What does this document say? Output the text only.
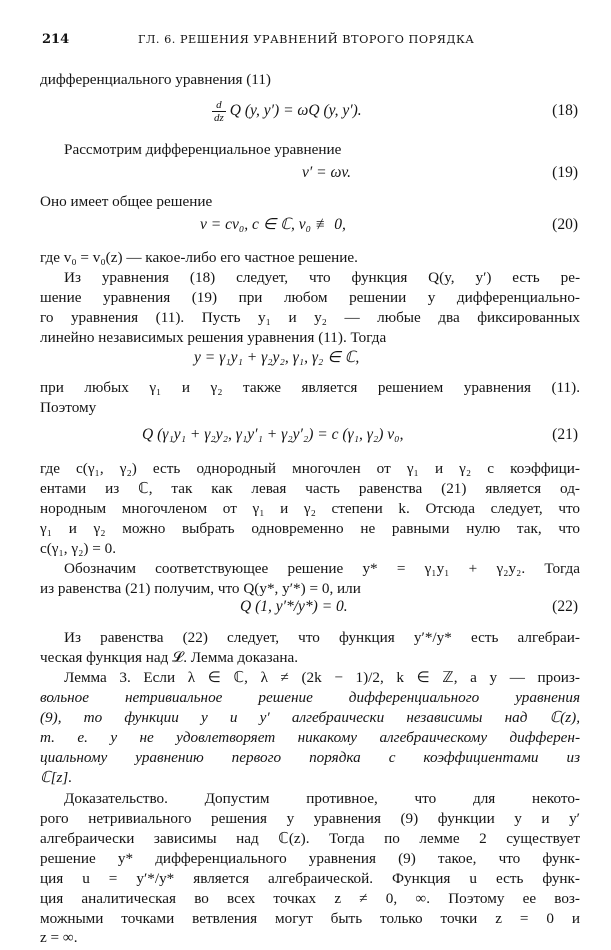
214	ГЛ. 6. РЕШЕНИЯ УРАВНЕНИЙ ВТОРОГО ПОРЯДКА
дифференциального уравнения (11)
$\frac{d}{dz}$ Q (y, y′) = ωQ (y, y′).	(18)
Рассмотрим дифференциальное уравнение
v′ = ωv.	(19)
Оно имеет общее решение
v = cv₀, c ∈ ℂ, v₀ ≢ 0,	(20)
где v₀ = v₀(z) — какое-либо его частное решение.
Из уравнения (18) следует, что функция Q(y, y′) есть ре-
шение уравнения (19) при любом решении y дифференциально-
го уравнения (11). Пусть y₁ и y₂ — любые два фиксированных
линейно независимых решения уравнения (11). Тогда
y = γ₁y₁ + γ₂y₂, γ₁, γ₂ ∈ ℂ,
при любых γ₁ и γ₂ также является решением уравнения (11).
Поэтому
Q (γ₁y₁ + γ₂y₂, γ₁y′₁ + γ₂y′₂) = c (γ₁, γ₂) v₀,	(21)
где c(γ₁, γ₂) есть однородный многочлен от γ₁ и γ₂ с коэффици-
ентами из ℂ, так как левая часть равенства (21) является од-
нородным многочленом от γ₁ и γ₂ степени k. Отсюда следует, что
γ₁ и γ₂ можно выбрать одновременно не равными нулю так, что
c(γ₁, γ₂) = 0.
Обозначим соответствующее решение y* = γ₁y₁ + γ₂y₂. Тогда
из равенства (21) получим, что Q(y*, y′*) = 0, или
Q (1, y′*/y*) = 0.	(22)
Из равенства (22) следует, что функция y′*/y* есть алгебраи-
ческая функция над 𝓛. Лемма доказана.
Лемма 3. Если λ ∈ ℂ, λ ≠ (2k − 1)/2, k ∈ ℤ, а y — произ-
вольное нетривиальное решение дифференциального уравнения
(9), то функции y и y′ алгебраически независимы над ℂ(z),
т. е. y не удовлетворяет никакому алгебраическому дифферен-
циальному уравнению первого порядка с коэффициентами из
ℂ[z].
Доказательство. Допустим противное, что для некото-
рого нетривиального решения y уравнения (9) функции y и y′
алгебраически зависимы над ℂ(z). Тогда по лемме 2 существует
решение y* дифференциального уравнения (9) такое, что функ-
ция u = y′*/y* является алгебраической. Функция u есть функ-
ция аналитическая во всех точках z ≠ 0, ∞. Поэтому ее воз-
можными точками ветвления могут быть только точки z = 0 и
z = ∞.
